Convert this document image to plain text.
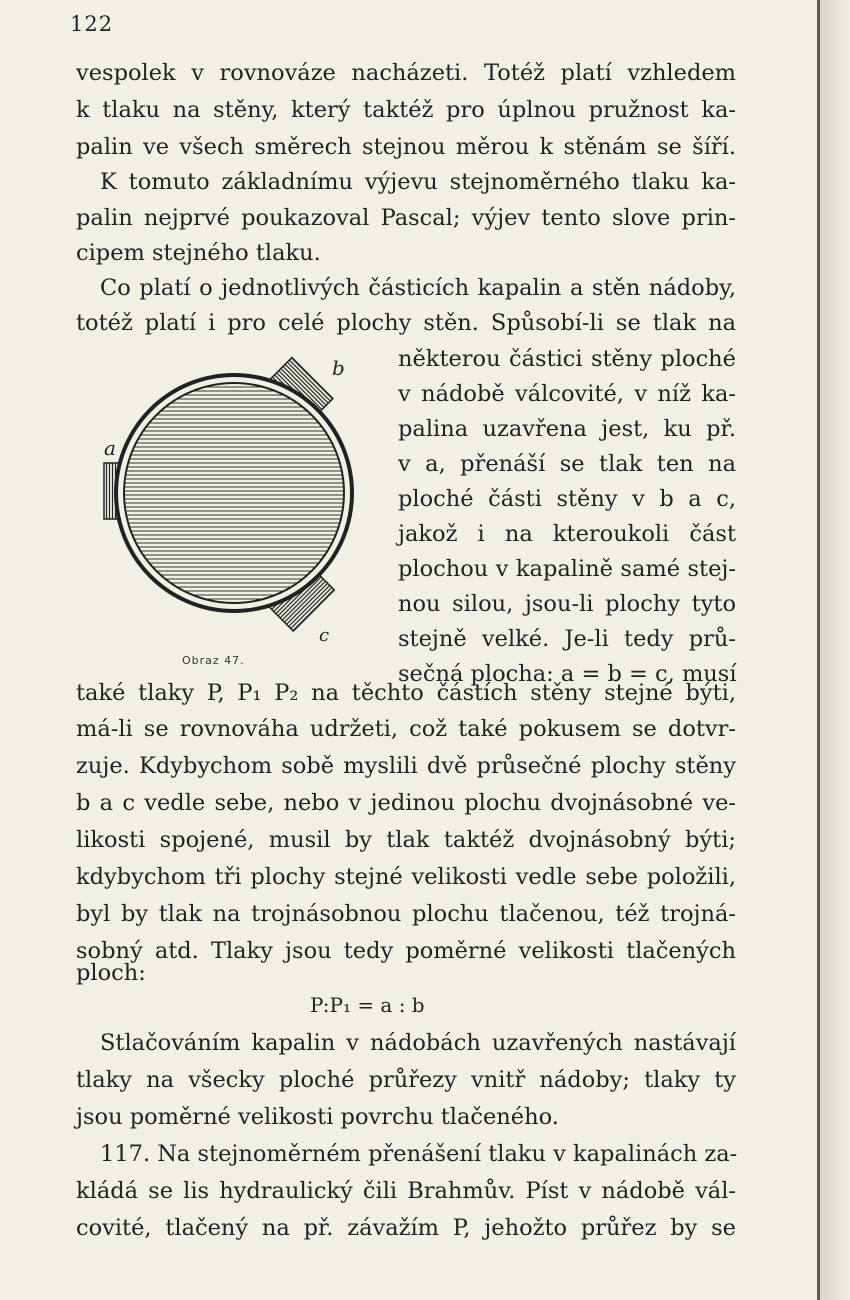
122
vespolek v rovnováze nacházeti. Totéž platí vzhledem
k tlaku na stěny, který taktéž pro úplnou pružnost ka-
palin ve všech směrech stejnou měrou k stěnám se šíří.
K tomuto základnímu výjevu stejnoměrného tlaku ka-
palin nejprvé poukazoval Pascal; výjev tento slove prin-
cipem stejného tlaku.
Co platí o jednotlivých částicích kapalin a stěn nádoby,
totéž platí i pro celé plochy stěn. Spůsobí-li se tlak na
některou částici stěny ploché
v nádobě válcovité, v níž ka-
palina uzavřena jest, ku př.
v a, přenáší se tlak ten na
ploché části stěny v b a c,
jakož i na kteroukoli část
plochou v kapalině samé stej-
nou silou, jsou-li plochy tyto
stejně velké. Je-li tedy prů-
sečná plocha: a = b = c, musí
a
b
c
Obraz 47.
také tlaky P, P₁ P₂ na těchto částích stěny stejné býti,
má-li se rovnováha udržeti, což také pokusem se dotvr-
zuje. Kdybychom sobě myslili dvě průsečné plochy stěny
b a c vedle sebe, nebo v jedinou plochu dvojnásobné ve-
likosti spojené, musil by tlak taktéž dvojnásobný býti;
kdybychom tři plochy stejné velikosti vedle sebe položili,
byl by tlak na trojnásobnou plochu tlačenou, též trojná-
sobný atd. Tlaky jsou tedy poměrné velikosti tlačených
ploch:
P:P₁ = a : b
Stlačováním kapalin v nádobách uzavřených nastávají
tlaky na všecky ploché průřezy vnitř nádoby; tlaky ty
jsou poměrné velikosti povrchu tlačeného.
117. Na stejnoměrném přenášení tlaku v kapalinách za-
kládá se lis hydraulický čili Brahmův. Píst v nádobě vál-
covité, tlačený na př. závažím P, jehožto průřez by se
